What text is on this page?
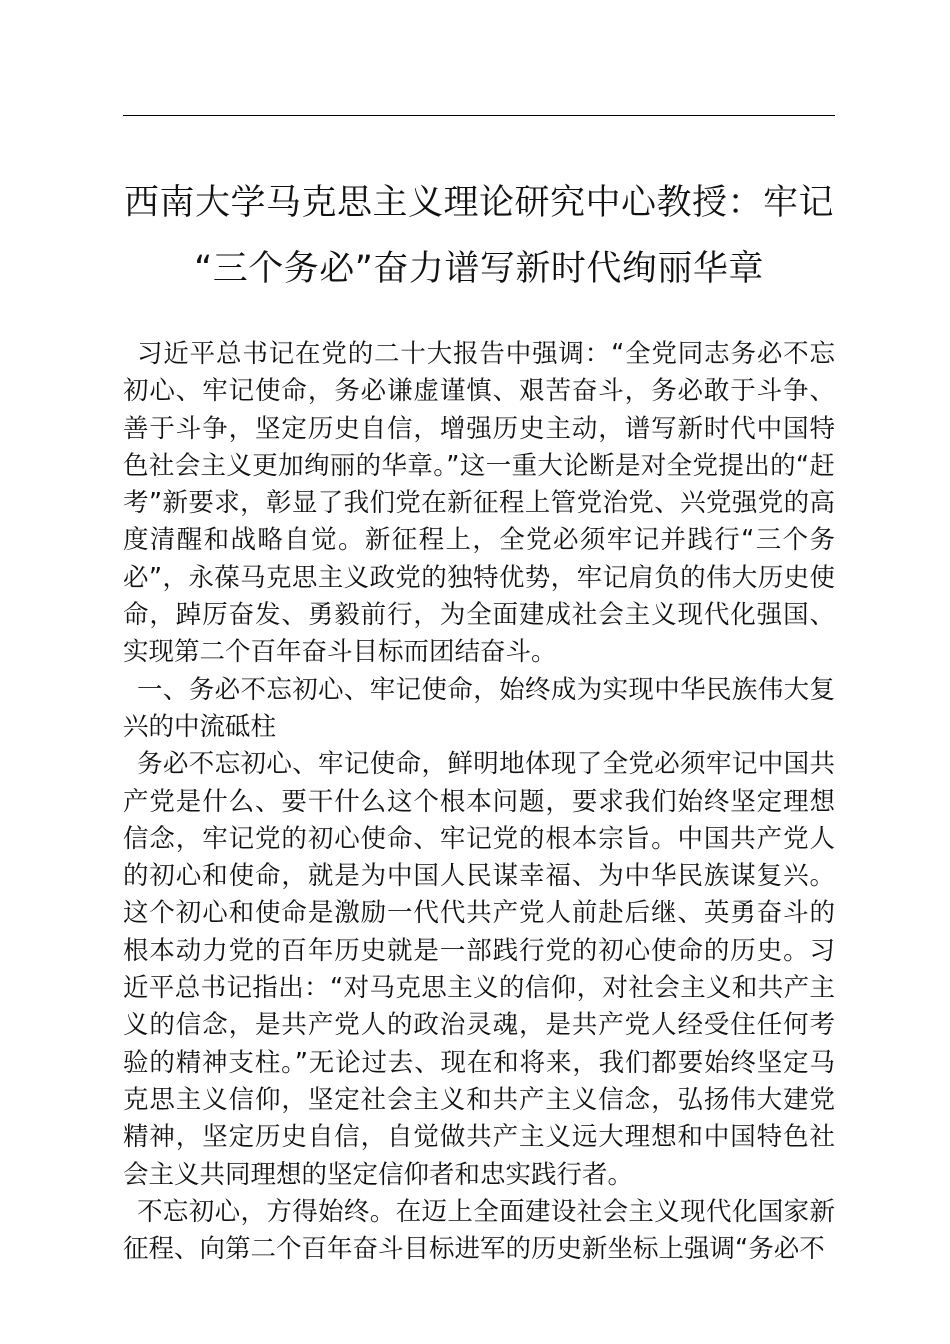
西南大学马克思主义理论研究中心教授：牢记
“三个务必”奋力谱写新时代绚丽华章

习近平总书记在党的二十大报告中强调：“全党同志务必不忘初心、牢记使命，务必谦虚谨慎、艰苦奋斗，务必敢于斗争、善于斗争，坚定历史自信，增强历史主动，谱写新时代中国特色社会主义更加绚丽的华章。”这一重大论断是对全党提出的“赶考”新要求，彰显了我们党在新征程上管党治党、兴党强党的高度清醒和战略自觉。新征程上，全党必须牢记并践行“三个务必”，永葆马克思主义政党的独特优势，牢记肩负的伟大历史使命，踔厉奋发、勇毅前行，为全面建成社会主义现代化强国、实现第二个百年奋斗目标而团结奋斗。

一、务必不忘初心、牢记使命，始终成为实现中华民族伟大复兴的中流砥柱

务必不忘初心、牢记使命，鲜明地体现了全党必须牢记中国共产党是什么、要干什么这个根本问题，要求我们始终坚定理想信念，牢记党的初心使命、牢记党的根本宗旨。中国共产党人的初心和使命，就是为中国人民谋幸福、为中华民族谋复兴。这个初心和使命是激励一代代共产党人前赴后继、英勇奋斗的根本动力党的百年历史就是一部践行党的初心使命的历史。习近平总书记指出：“对马克思主义的信仰，对社会主义和共产主义的信念，是共产党人的政治灵魂，是共产党人经受住任何考验的精神支柱。”无论过去、现在和将来，我们都要始终坚定马克思主义信仰，坚定社会主义和共产主义信念，弘扬伟大建党精神，坚定历史自信，自觉做共产主义远大理想和中国特色社会主义共同理想的坚定信仰者和忠实践行者。

不忘初心，方得始终。在迈上全面建设社会主义现代化国家新征程、向第二个百年奋斗目标进军的历史新坐标上强调“务必不
